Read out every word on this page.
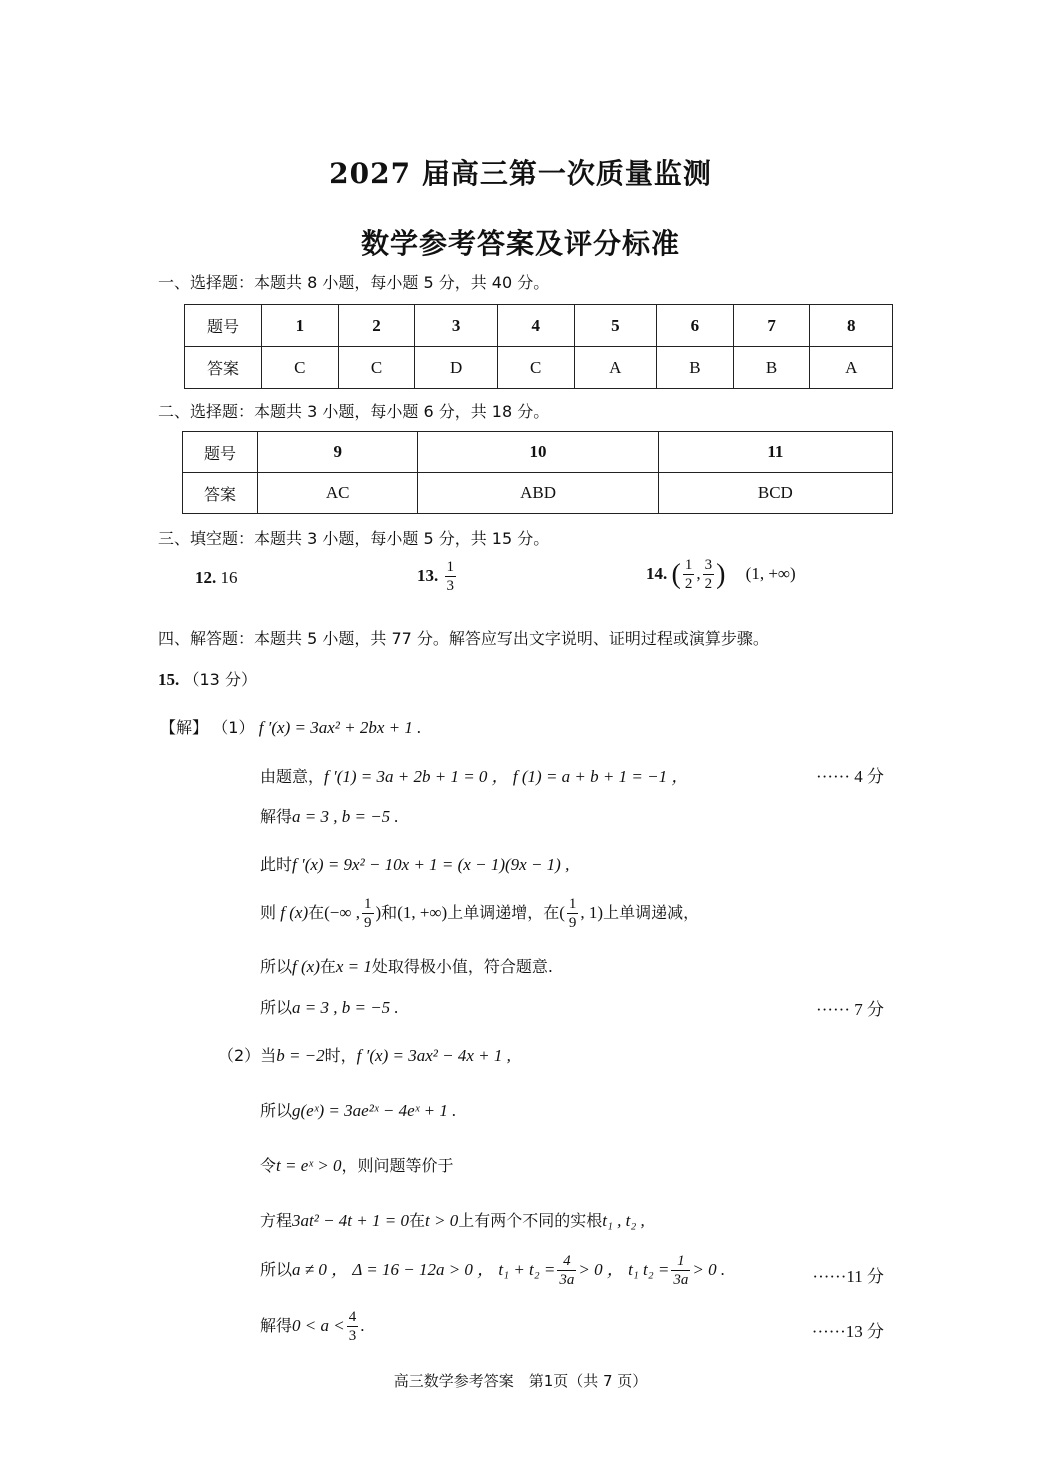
2027 届高三第一次质量监测
数学参考答案及评分标准
一、选择题：本题共 8 小题，每小题 5 分，共 40 分。
题号	1	2	3	4	5	6	7	8
答案	C	C	D	C	A	B	B	A
二、选择题：本题共 3 小题，每小题 6 分，共 18 分。
题号	9	10	11
答案	AC	ABD	BCD
三、填空题：本题共 3 小题，每小题 5 分，共 15 分。
12. 16	13. $\frac{1}{3}$	14. ( $\frac{1}{2}$ , $\frac{3}{2}$ ) (1, +∞)
四、解答题：本题共 5 小题，共 77 分。解答应写出文字说明、证明过程或演算步骤。
15. （13 分）
【解】 （1） f ′(x) = 3ax² + 2bx + 1 .
由题意，f ′(1) = 3a + 2b + 1 = 0 ， f (1) = a + b + 1 = −1 ，	······ 4 分
解得a = 3 , b = −5 .
此时f ′(x) = 9x² − 10x + 1 = (x − 1)(9x − 1) ,
则 f (x)在(−∞ , $\frac{1}{9}$ )和(1, +∞)上单调递增，在( $\frac{1}{9}$ , 1)上单调递减，
所以f (x)在x = 1处取得极小值，符合题意.
所以a = 3 , b = −5 .	······ 7 分
（2）当b = −2时，f ′(x) = 3ax² − 4x + 1 ,
所以g(eˣ) = 3ae²ˣ − 4eˣ + 1 .
令t = eˣ > 0，则问题等价于
方程3at² − 4t + 1 = 0在t > 0上有两个不同的实根t₁ , t₂ ,
所以a ≠ 0 ， Δ = 16 − 12a > 0 ， $t_1 + t_2 = \frac{4}{3a} > 0$ ， t₁ $t_2 = \frac{1}{3a} > 0$ .	······11 分
解得$0 < a < \frac{4}{3}$ .	······13 分
高三数学参考答案　第1页（共 7 页）
